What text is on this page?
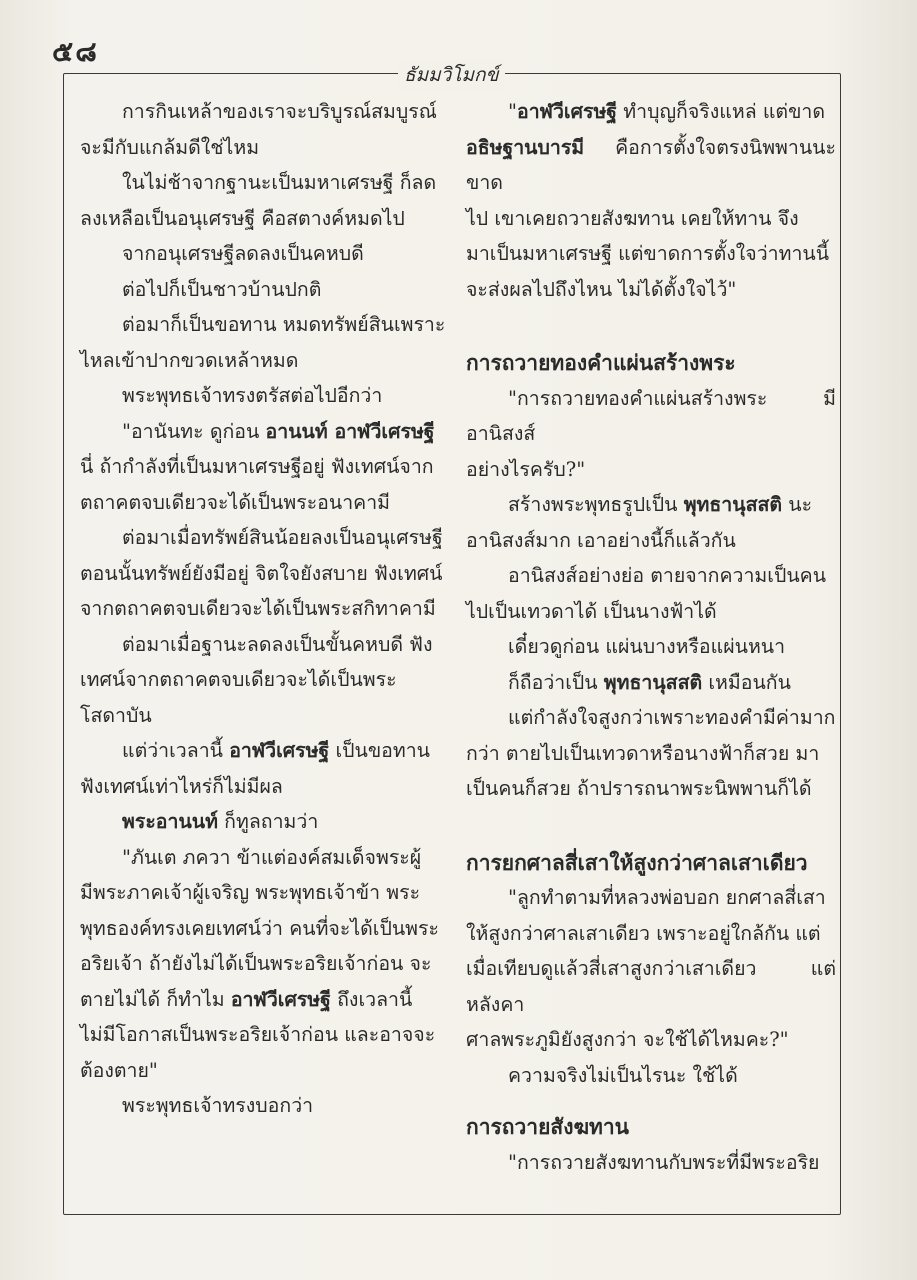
๕๘
ธัมมวิโมกข์

การกินเหล้าของเราจะบริบูรณ์สมบูรณ์

จะมีกับแกล้มดีใช่ไหม

ในไม่ช้าจากฐานะเป็นมหาเศรษฐี ก็ลด

ลงเหลือเป็นอนุเศรษฐี คือสตางค์หมดไป

จากอนุเศรษฐีลดลงเป็นคหบดี

ต่อไปก็เป็นชาวบ้านปกติ

ต่อมาก็เป็นขอทาน หมดทรัพย์สินเพราะ

ไหลเข้าปากขวดเหล้าหมด

พระพุทธเจ้าทรงตรัสต่อไปอีกว่า

"อานันทะ ดูก่อน อานนท์ อาฬวีเศรษฐี

นี่ ถ้ากำลังที่เป็นมหาเศรษฐีอยู่ ฟังเทศน์จาก

ตถาคตจบเดียวจะได้เป็นพระอนาคามี

ต่อมาเมื่อทรัพย์สินน้อยลงเป็นอนุเศรษฐี

ตอนนั้นทรัพย์ยังมีอยู่ จิตใจยังสบาย ฟังเทศน์

จากตถาคตจบเดียวจะได้เป็นพระสกิทาคามี

ต่อมาเมื่อฐานะลดลงเป็นขั้นคหบดี ฟัง

เทศน์จากตถาคตจบเดียวจะได้เป็นพระโสดาบัน

แต่ว่าเวลานี้ อาฬวีเศรษฐี เป็นขอทาน

ฟังเทศน์เท่าไหร่ก็ไม่มีผล

พระอานนท์ ก็ทูลถามว่า

"ภันเต ภควา ข้าแต่องค์สมเด็จพระผู้

มีพระภาคเจ้าผู้เจริญ พระพุทธเจ้าข้า พระ

พุทธองค์ทรงเคยเทศน์ว่า คนที่จะได้เป็นพระ

อริยเจ้า ถ้ายังไม่ได้เป็นพระอริยเจ้าก่อน จะ

ตายไม่ได้ ก็ทำไม อาฬวีเศรษฐี ถึงเวลานี้

ไม่มีโอกาสเป็นพระอริยเจ้าก่อน และอาจจะ

ต้องตาย"

พระพุทธเจ้าทรงบอกว่า

"อาฬวีเศรษฐี ทำบุญก็จริงแหล่ แต่ขาด

อธิษฐานบารมี คือการตั้งใจตรงนิพพานนะ ขาด

ไป เขาเคยถวายสังฆทาน เคยให้ทาน จึง

มาเป็นมหาเศรษฐี แต่ขาดการตั้งใจว่าทานนี้

จะส่งผลไปถึงไหน ไม่ได้ตั้งใจไว้"

การถวายทองคำแผ่นสร้างพระ

"การถวายทองคำแผ่นสร้างพระ มีอานิสงส์

อย่างไรครับ?"

สร้างพระพุทธรูปเป็น พุทธานุสสติ นะ

อานิสงส์มาก เอาอย่างนี้ก็แล้วกัน

อานิสงส์อย่างย่อ ตายจากความเป็นคน

ไปเป็นเทวดาได้ เป็นนางฟ้าได้

เดี๋ยวดูก่อน แผ่นบางหรือแผ่นหนา

ก็ถือว่าเป็น พุทธานุสสติ เหมือนกัน

แต่กำลังใจสูงกว่าเพราะทองคำมีค่ามาก

กว่า ตายไปเป็นเทวดาหรือนางฟ้าก็สวย มา

เป็นคนก็สวย ถ้าปรารถนาพระนิพพานก็ได้

การยกศาลสี่เสาให้สูงกว่าศาลเสาเดียว

"ลูกทำตามที่หลวงพ่อบอก ยกศาลสี่เสา

ให้สูงกว่าศาลเสาเดียว เพราะอยู่ใกล้กัน แต่

เมื่อเทียบดูแล้วสี่เสาสูงกว่าเสาเดียว แต่หลังคา

ศาลพระภูมิยังสูงกว่า จะใช้ได้ไหมคะ?"

ความจริงไม่เป็นไรนะ ใช้ได้

การถวายสังฆทาน

"การถวายสังฆทานกับพระที่มีพระอริย
